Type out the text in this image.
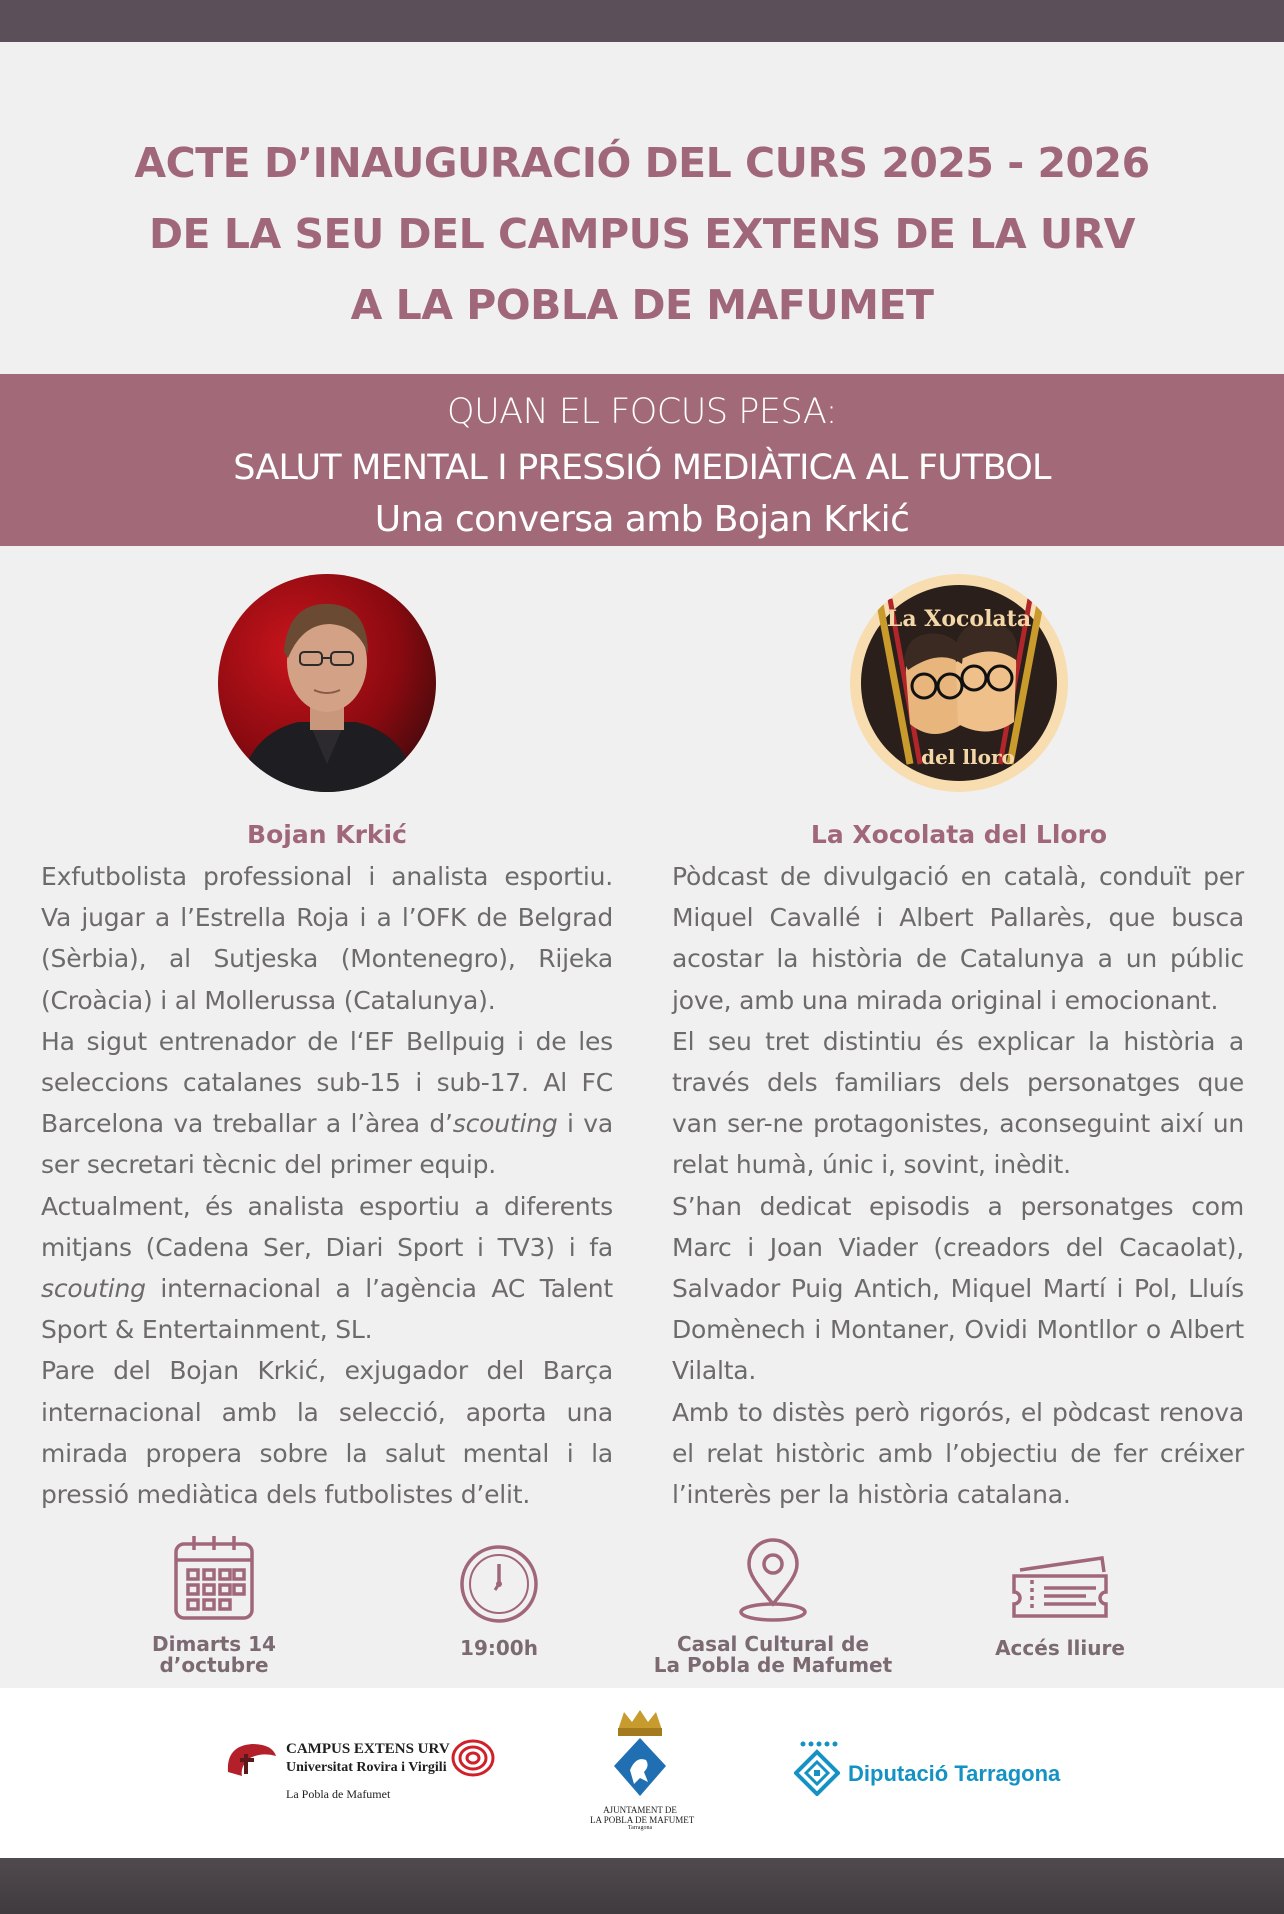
ACTE D’INAUGURACIÓ DEL CURS 2025 - 2026
DE LA SEU DEL CAMPUS EXTENS DE LA URV
A LA POBLA DE MAFUMET
QUAN EL FOCUS PESA:
SALUT MENTAL I PRESSIÓ MEDIÀTICA AL FUTBOL
Una conversa amb Bojan Krkić
La Xocolata
del lloro
Bojan Krkić	La Xocolata del Lloro

Exfutbolista professional i analista esportiu. Va jugar a l’Estrella Roja i a l’OFK de Belgrad (Sèrbia), al Sutjeska (Montenegro), Rijeka (Croàcia) i al Mollerussa (Catalunya).

Ha sigut entrenador de l‘EF Bellpuig i de les seleccions catalanes sub-15 i sub-17. Al FC Barcelona va treballar a l’àrea d’scouting i va ser secretari tècnic del primer equip.

Actualment, és analista esportiu a diferents mitjans (Cadena Ser, Diari Sport i TV3) i fa scouting internacional a l’agència AC Talent Sport & Entertainment, SL.

Pare del Bojan Krkić, exjugador del Barça internacional amb la selecció, aporta una mirada propera sobre la salut mental i la pressió mediàtica dels futbolistes d’elit.

Pòdcast de divulgació en català, conduït per Miquel Cavallé i Albert Pallarès, que busca acostar la història de Catalunya a un públic jove, amb una mirada original i emocionant.

El seu tret distintiu és explicar la història a través dels familiars dels personatges que van ser-ne protagonistes, aconseguint així un relat humà, únic i, sovint, inèdit.

S’han dedicat episodis a personatges com Marc i Joan Viader (creadors del Cacaolat), Salvador Puig Antich, Miquel Martí i Pol, Lluís Domènech i Montaner, Ovidi Montllor o Albert Vilalta.

Amb to distès però rigorós, el pòdcast renova el relat històric amb l’objectiu de fer créixer l’interès per la història catalana.

Dimarts 14
d’octubre
19:00h	Casal Cultural de
La Pobla de Mafumet
Accés lliure
CAMPUS EXTENS URV
Universitat Rovira i Virgili
La Pobla de Mafumet
AJUNTAMENT DE
LA POBLA DE MAFUMET
Tarragona
Diputació Tarragona
